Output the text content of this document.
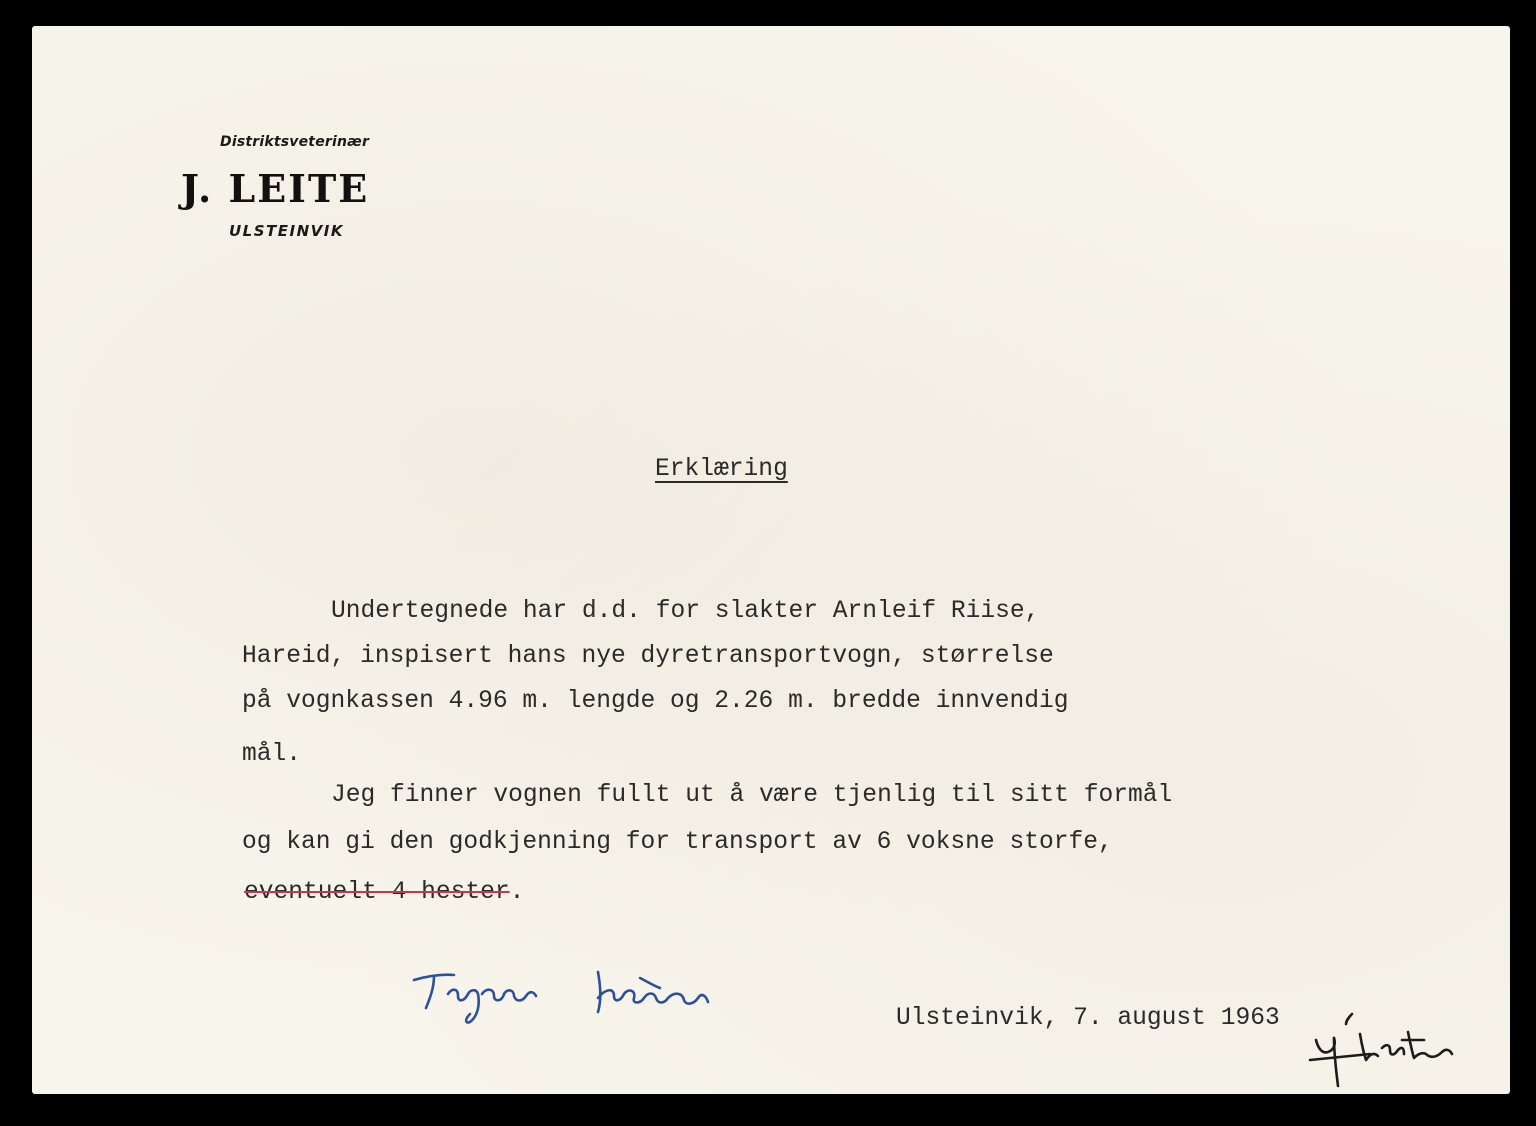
Distriktsveterinær
J. LEITE
ULSTEINVIK
Erklæring
Undertegnede har d.d. for slakter Arnleif Riise,
Hareid, inspisert hans nye dyretransportvogn, størrelse
på vognkassen 4.96 m. lengde og 2.26 m. bredde innvendig
mål.
Jeg finner vognen fullt ut å være tjenlig til sitt formål
og kan gi den godkjenning for transport av 6 voksne storfe,
eventuelt 4 hester.
Ulsteinvik, 7. august 1963
